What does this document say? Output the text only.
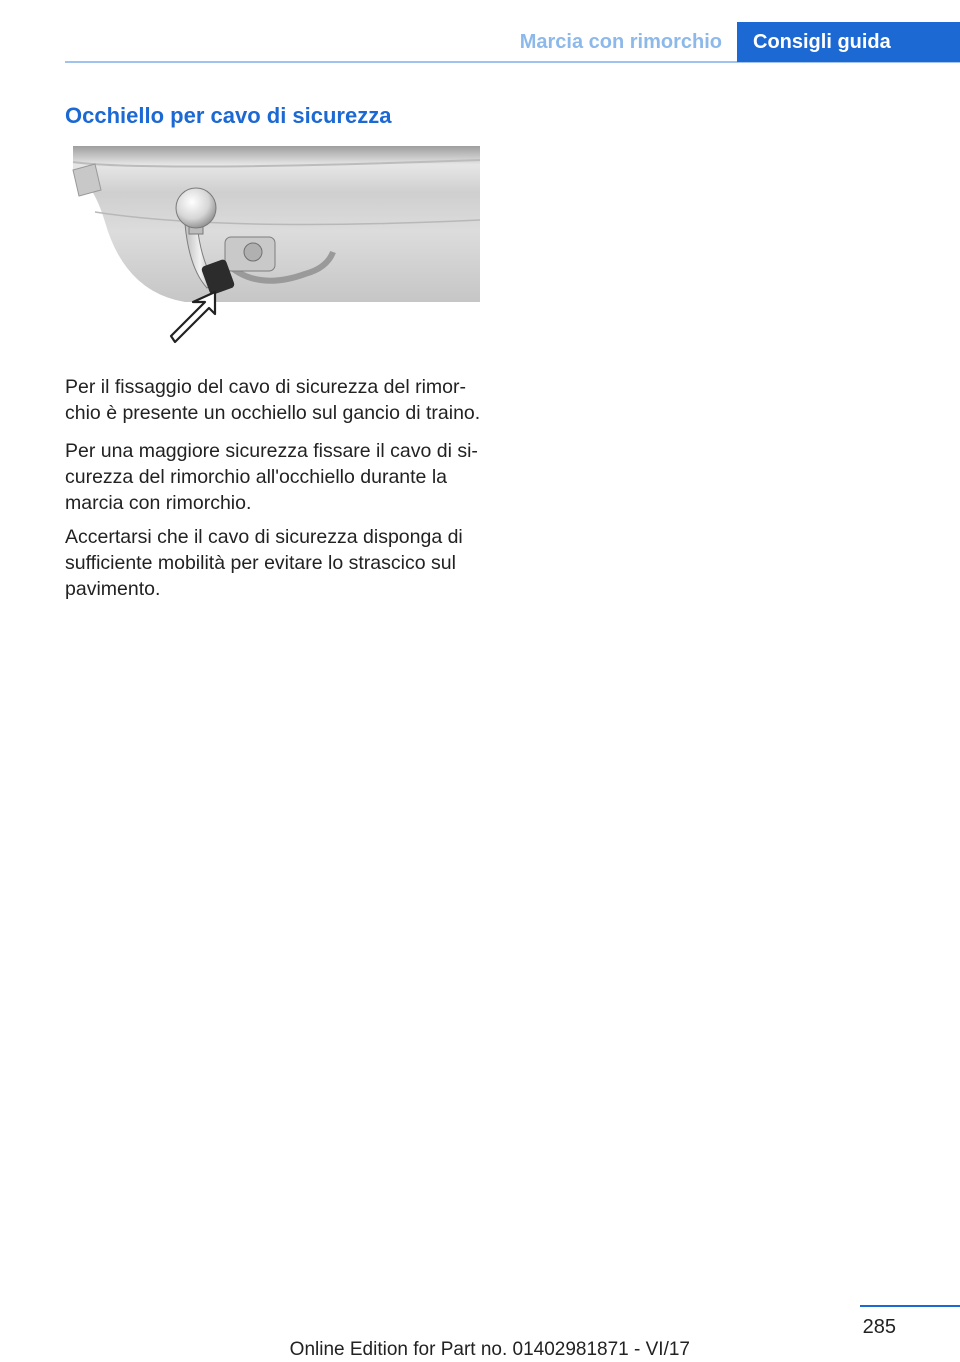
Marcia con rimorchio	Consigli guida
Occhiello per cavo di sicurezza

Per il fissaggio del cavo di sicurezza del rimor‐ chio è presente un occhiello sul gancio di traino.

Per una maggiore sicurezza fissare il cavo di si‐ curezza del rimorchio all'occhiello durante la marcia con rimorchio.

Accertarsi che il cavo di sicurezza disponga di sufficiente mobilità per evitare lo strascico sul pavimento.

285
Online Edition for Part no. 01402981871 - VI/17
